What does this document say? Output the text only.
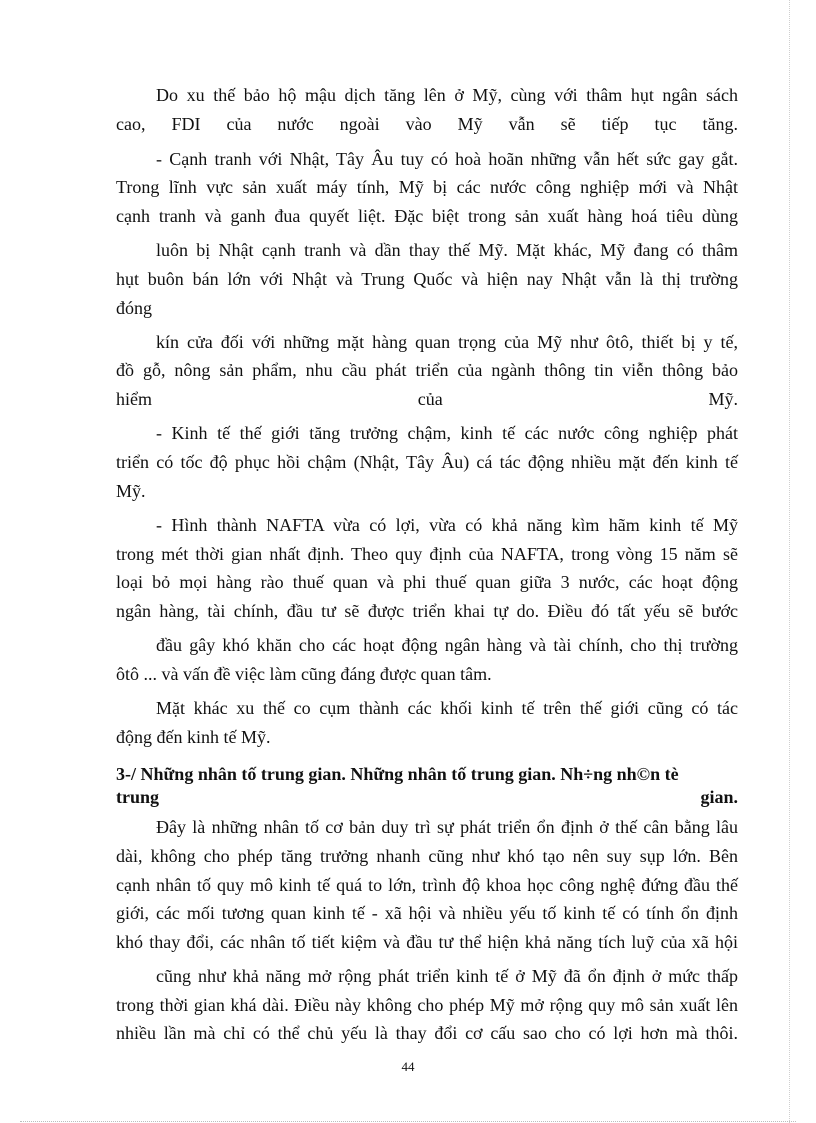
Do xu thế bảo hộ mậu dịch tăng lên ở Mỹ, cùng với thâm hụt ngân sách
cao, FDI của nước ngoài vào Mỹ vẫn sẽ tiếp tục tăng.
- Cạnh tranh với Nhật, Tây Âu tuy có hoà hoãn những vẫn hết sức gay gắt.
Trong lĩnh vực sản xuất máy tính, Mỹ bị các nước công nghiệp mới và Nhật
cạnh tranh và ganh đua quyết liệt. Đặc biệt trong sản xuất hàng hoá tiêu dùng
luôn bị Nhật cạnh tranh và dần thay thế Mỹ. Mặt khác, Mỹ đang có thâm
hụt buôn bán lớn với Nhật và Trung Quốc và hiện nay Nhật vẫn là thị trường
đóng
kín cửa đối với những mặt hàng quan trọng của Mỹ như ôtô, thiết bị y tế,
đồ gỗ, nông sản phẩm, nhu cầu phát triển của ngành thông tin viễn thông bảo
hiểm của Mỹ.
- Kinh tế thế giới tăng trưởng chậm, kinh tế các nước công nghiệp phát
triển có tốc độ phục hồi chậm (Nhật, Tây Âu) cá tác động nhiều mặt đến kinh tế
Mỹ.
- Hình thành NAFTA vừa có lợi, vừa có khả năng kìm hãm kinh tế Mỹ
trong mét thời gian nhất định. Theo quy định của NAFTA, trong vòng 15 năm sẽ
loại bỏ mọi hàng rào thuế quan và phi thuế quan giữa 3 nước, các hoạt động
ngân hàng, tài chính, đầu tư sẽ được triển khai tự do. Điều đó tất yếu sẽ bước
đầu gây khó khăn cho các hoạt động ngân hàng và tài chính, cho thị trường
ôtô ... và vấn đề việc làm cũng đáng được quan tâm.
Mặt khác xu thế co cụm thành các khối kinh tế trên thế giới cũng có tác
động đến kinh tế Mỹ.
3-/ Những nhân tố trung gian. Những nhân tố trung gian. Nh÷ng nh©n tè
trung gian.
Đây là những nhân tố cơ bản duy trì sự phát triển ổn định ở thế cân bằng lâu
dài, không cho phép tăng trưởng nhanh cũng như khó tạo nên suy sụp lớn. Bên
cạnh nhân tố quy mô kinh tế quá to lớn, trình độ khoa học công nghệ đứng đầu thế
giới, các mối tương quan kinh tế - xã hội và nhiều yếu tố kinh tế có tính ổn định
khó thay đổi, các nhân tố tiết kiệm và đầu tư thể hiện khả năng tích luỹ của xã hội
cũng như khả năng mở rộng phát triển kinh tế ở Mỹ đã ổn định ở mức thấp
trong thời gian khá dài. Điều này không cho phép Mỹ mở rộng quy mô sản xuất lên
nhiều lần mà chỉ có thể chủ yếu là thay đổi cơ cấu sao cho có lợi hơn mà thôi.
44
